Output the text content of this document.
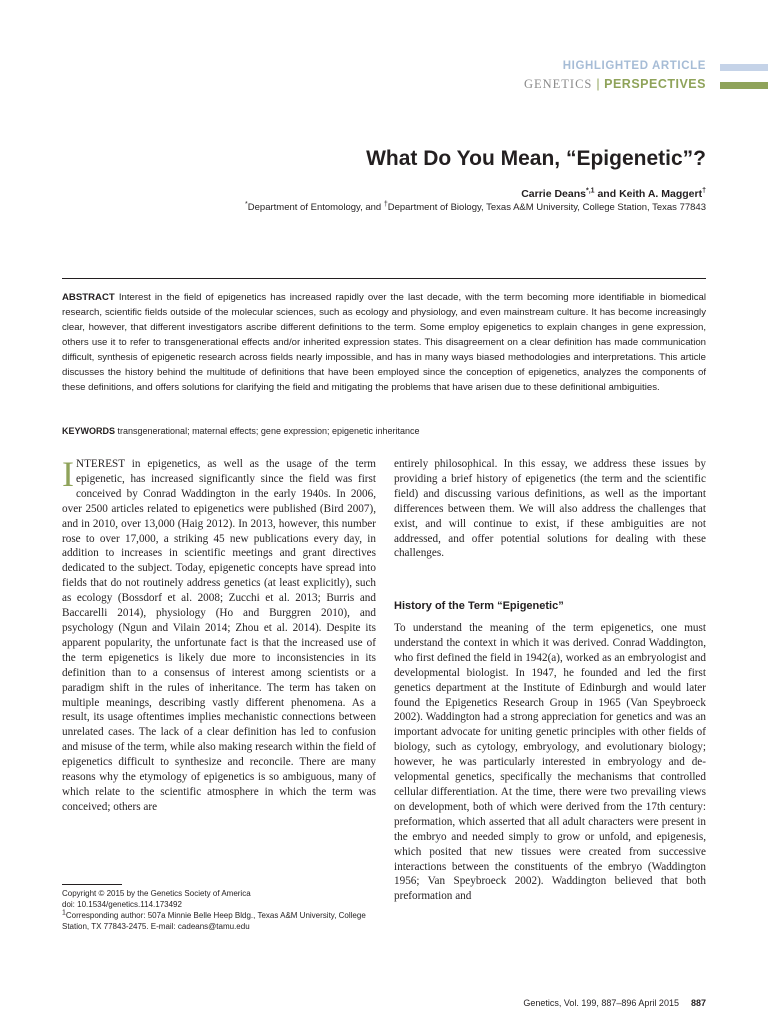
HIGHLIGHTED ARTICLE
GENETICS | PERSPECTIVES
What Do You Mean, “Epigenetic”?
Carrie Deans$^{*,1}$ and Keith A. Maggert†
*Department of Entomology, and †Department of Biology, Texas A&M University, College Station, Texas 77843
ABSTRACT Interest in the field of epigenetics has increased rapidly over the last decade, with the term becoming more identifiable in biomedical research, scientific fields outside of the molecular sciences, such as ecology and physiology, and even mainstream culture. It has become increasingly clear, however, that different investigators ascribe different definitions to the term. Some employ epigenetics to explain changes in gene expression, others use it to refer to transgenerational effects and/or inherited expression states. This disagreement on a clear definition has made communication difficult, synthesis of epigenetic research across fields nearly impossible, and has in many ways biased methodologies and interpretations. This article discusses the history behind the multitude of definitions that have been employed since the conception of epigenetics, analyzes the components of these definitions, and offers solutions for clarifying the field and mitigating the problems that have arisen due to these definitional ambiguities.
KEYWORDS transgenerational; maternal effects; gene expression; epigenetic inheritance
INTEREST in epigenetics, as well as the usage of the term epigenetic, has increased significantly since the field was first conceived by Conrad Waddington in the early 1940s. In 2006, over 2500 articles related to epigenetics were published (Bird 2007), and in 2010, over 13,000 (Haig 2012). In 2013, however, this number rose to over 17,000, a striking 45 new publications every day, in addition to increases in scientific meetings and grant directives dedicated to the subject. Today, epigenetic concepts have spread into fields that do not routinely address genetics (at least explicitly), such as ecology (Bossdorf et al. 2008; Zucchi et al. 2013; Burris and Baccarelli 2014), physiology (Ho and Burggren 2010), and psychology (Ngun and Vilain 2014; Zhou et al. 2014). Despite its apparent popularity, the unfortunate fact is that the increased use of the term epigenetics is likely due more to inconsistencies in its definition than to a consensus of interest among scientists or a paradigm shift in the rules of inheritance. The term has taken on multiple meanings, describing vastly different phenomena. As a result, its usage oftentimes implies mechanistic connections between unrelated cases. The lack of a clear definition has led to confusion and misuse of the term, while also making research within the field of epigenetics difficult to synthesize and reconcile. There are many reasons why the etymology of epigenetics is so ambiguous, many of which relate to the scientific atmosphere in which the term was conceived; others are
entirely philosophical. In this essay, we address these issues by providing a brief history of epigenetics (the term and the scientific field) and discussing various definitions, as well as the important differences between them. We will also address the challenges that exist, and will continue to exist, if these ambiguities are not addressed, and offer potential solutions for dealing with these challenges.
History of the Term “Epigenetic”
To understand the meaning of the term epigenetics, one must understand the context in which it was derived. Conrad Waddington, who first defined the field in 1942(a), worked as an embryologist and developmental biologist. In 1947, he founded and led the first genetics department at the Institute of Edinburgh and would later found the Epigenetics Research Group in 1965 (Van Speybroeck 2002). Waddington had a strong appreciation for genetics and was an important advocate for uniting genetic principles with other fields of biology, such as cytology, embryology, and evolutionary biology; however, he was particularly interested in embryology and developmental genetics, specifically the mechanisms that controlled cellular differentiation. At the time, there were two prevailing views on development, both of which were derived from the 17th century: preformation, which asserted that all adult characters were present in the embryo and needed simply to grow or unfold, and epigenesis, which posited that new tissues were created from successive interactions between the constituents of the embryo (Waddington 1956; Van Speybroeck 2002). Waddington believed that both preformation and
Copyright © 2015 by the Genetics Society of America
doi: 10.1534/genetics.114.173492
$^1$Corresponding author: 507a Minnie Belle Heep Bldg., Texas A&M University, College Station, TX 77843-2475. E-mail: cadeans@tamu.edu
Genetics, Vol. 199, 887–896 April 2015 887
